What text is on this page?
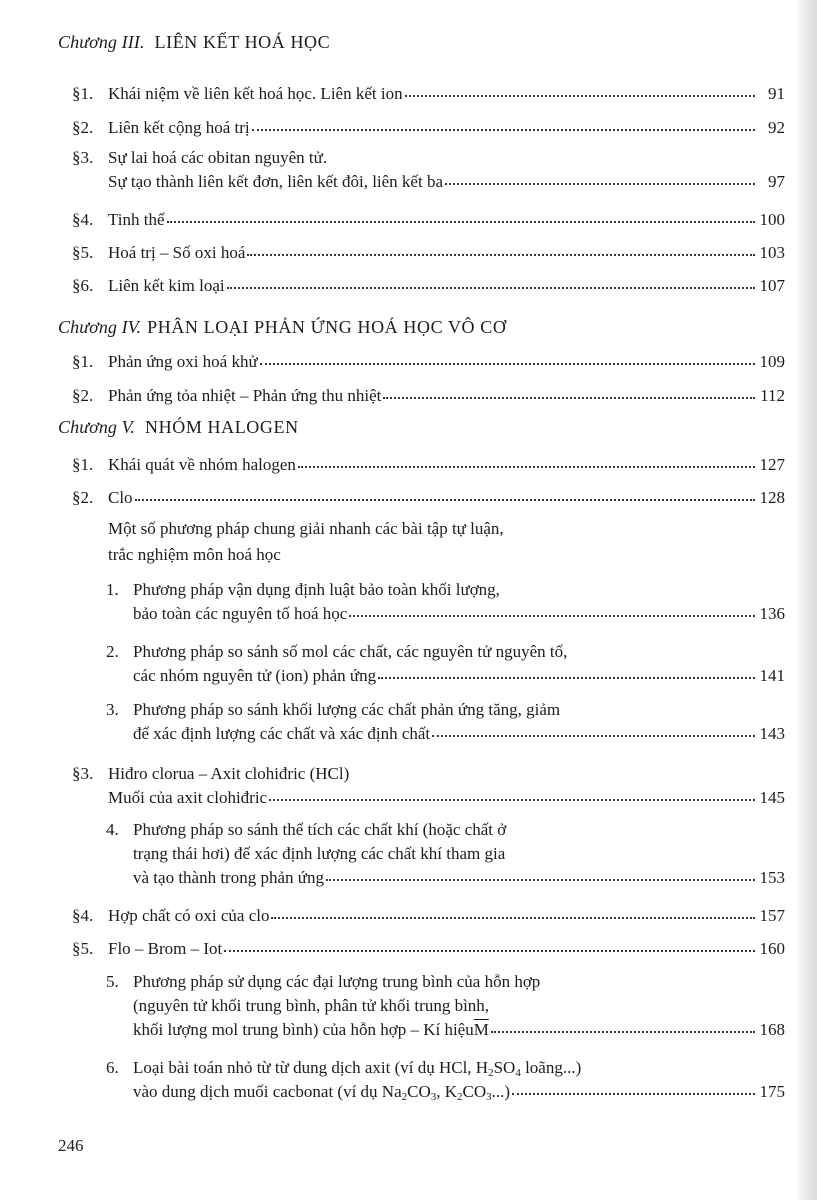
Chương III. LIÊN KẾT HOÁ HỌC
§1. Khái niệm về liên kết hoá học. Liên kết ion	91
§2. Liên kết cộng hoá trị	92
§3. Sự lai hoá các obitan nguyên tử.
Sự tạo thành liên kết đơn, liên kết đôi, liên kết ba	97
§4. Tinh thể	100
§5. Hoá trị – Số oxi hoá	103
§6. Liên kết kim loại	107
Chương IV. PHÂN LOẠI PHẢN ỨNG HOÁ HỌC VÔ CƠ
§1. Phản ứng oxi hoá khử	109
§2. Phản ứng tỏa nhiệt – Phản ứng thu nhiệt	112
Chương V. NHÓM HALOGEN
§1. Khái quát về nhóm halogen	127
§2. Clo	128
Một số phương pháp chung giải nhanh các bài tập tự luận,
trắc nghiệm môn hoá học
1. Phương pháp vận dụng định luật bảo toàn khối lượng,
bảo toàn các nguyên tố hoá học	136
2. Phương pháp so sánh số mol các chất, các nguyên tử nguyên tố,
các nhóm nguyên tử (ion) phản ứng	141
3. Phương pháp so sánh khối lượng các chất phản ứng tăng, giảm
để xác định lượng các chất và xác định chất	143
§3. Hiđro clorua – Axit clohiđric (HCl)
Muối của axit clohiđric	145
4. Phương pháp so sánh thể tích các chất khí (hoặc chất ở
trạng thái hơi) để xác định lượng các chất khí tham gia
và tạo thành trong phản ứng	153
§4. Hợp chất có oxi của clo	157
§5. Flo – Brom – Iot	160
5. Phương pháp sử dụng các đại lượng trung bình của hỗn hợp
(nguyên tử khối trung bình, phân tử khối trung bình,
khối lượng mol trung bình) của hỗn hợp – Kí hiệu $\overline{M}$	168
6. Loại bài toán nhỏ từ từ dung dịch axit (ví dụ HCl, $H_2SO_4$ loãng...)
vào dung dịch muối cacbonat (ví dụ $Na_2CO_3$, $K_2CO_3$...)	175
246
